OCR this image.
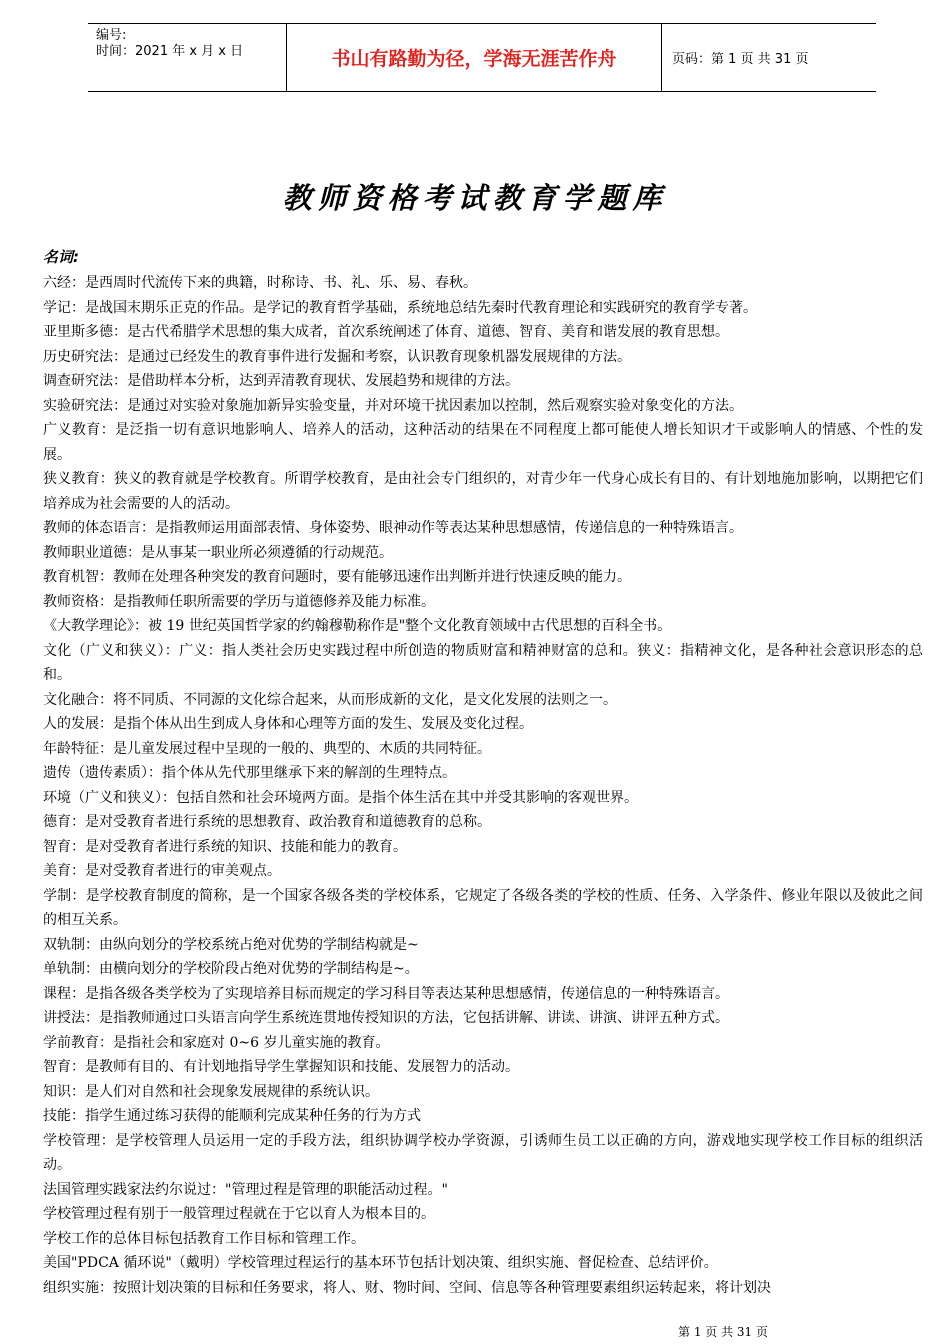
编号:
时间：2021 年 x 月 x 日	书山有路勤为径，学海无涯苦作舟	页码：第 1 页 共 31 页
教师资格考试教育学题库
名词:

六经：是西周时代流传下来的典籍，时称诗、书、礼、乐、易、春秋。

学记：是战国末期乐正克的作品。是学记的教育哲学基础，系统地总结先秦时代教育理论和实践研究的教育学专著。

亚里斯多德：是古代希腊学术思想的集大成者，首次系统阐述了体育、道德、智育、美育和谐发展的教育思想。

历史研究法：是通过已经发生的教育事件进行发掘和考察，认识教育现象机器发展规律的方法。

调查研究法：是借助样本分析，达到弄清教育现状、发展趋势和规律的方法。

实验研究法：是通过对实验对象施加新异实验变量，并对环境干扰因素加以控制，然后观察实验对象变化的方法。

广义教育：是泛指一切有意识地影响人、培养人的活动，这种活动的结果在不同程度上都可能使人增长知识才干或影响人的情感、个性的发展。

狭义教育：狭义的教育就是学校教育。所谓学校教育，是由社会专门组织的，对青少年一代身心成长有目的、有计划地施加影响，以期把它们培养成为社会需要的人的活动。

教师的体态语言：是指教师运用面部表情、身体姿势、眼神动作等表达某种思想感情，传递信息的一种特殊语言。

教师职业道德：是从事某一职业所必须遵循的行动规范。

教育机智：教师在处理各种突发的教育问题时，要有能够迅速作出判断并进行快速反映的能力。

教师资格：是指教师任职所需要的学历与道德修养及能力标准。

《大教学理论》：被 19 世纪英国哲学家的约翰穆勒称作是"整个文化教育领域中古代思想的百科全书。

文化（广义和狭义）：广义：指人类社会历史实践过程中所创造的物质财富和精神财富的总和。狭义：指精神文化，是各种社会意识形态的总和。

文化融合：将不同质、不同源的文化综合起来，从而形成新的文化，是文化发展的法则之一。

人的发展：是指个体从出生到成人身体和心理等方面的发生、发展及变化过程。

年龄特征：是儿童发展过程中呈现的一般的、典型的、木质的共同特征。

遗传（遗传素质）：指个体从先代那里继承下来的解剖的生理特点。

环境（广义和狭义）：包括自然和社会环境两方面。是指个体生活在其中并受其影响的客观世界。

德育：是对受教育者进行系统的思想教育、政治教育和道德教育的总称。

智育：是对受教育者进行系统的知识、技能和能力的教育。

美育：是对受教育者进行的审美观点。

学制：是学校教育制度的简称，是一个国家各级各类的学校体系，它规定了各级各类的学校的性质、任务、入学条件、修业年限以及彼此之间的相互关系。

双轨制：由纵向划分的学校系统占绝对优势的学制结构就是~

单轨制：由横向划分的学校阶段占绝对优势的学制结构是~。

课程：是指各级各类学校为了实现培养目标而规定的学习科目等表达某种思想感情，传递信息的一种特殊语言。

讲授法：是指教师通过口头语言向学生系统连贯地传授知识的方法，它包括讲解、讲读、讲演、讲评五种方式。

学前教育：是指社会和家庭对 0~6 岁儿童实施的教育。

智育：是教师有目的、有计划地指导学生掌握知识和技能、发展智力的活动。

知识：是人们对自然和社会现象发展规律的系统认识。

技能：指学生通过练习获得的能顺利完成某种任务的行为方式

学校管理：是学校管理人员运用一定的手段方法，组织协调学校办学资源，引诱师生员工以正确的方向，游戏地实现学校工作目标的组织活动。

法国管理实践家法约尔说过："管理过程是管理的职能活动过程。"

学校管理过程有别于一般管理过程就在于它以育人为根本目的。

学校工作的总体目标包括教育工作目标和管理工作。

美国"PDCA 循环说"（戴明）学校管理过程运行的基本环节包括计划决策、组织实施、督促检查、总结评价。

组织实施：按照计划决策的目标和任务要求，将人、财、物时间、空间、信息等各种管理要素组织运转起来，将计划决

第 1 页 共 31 页
